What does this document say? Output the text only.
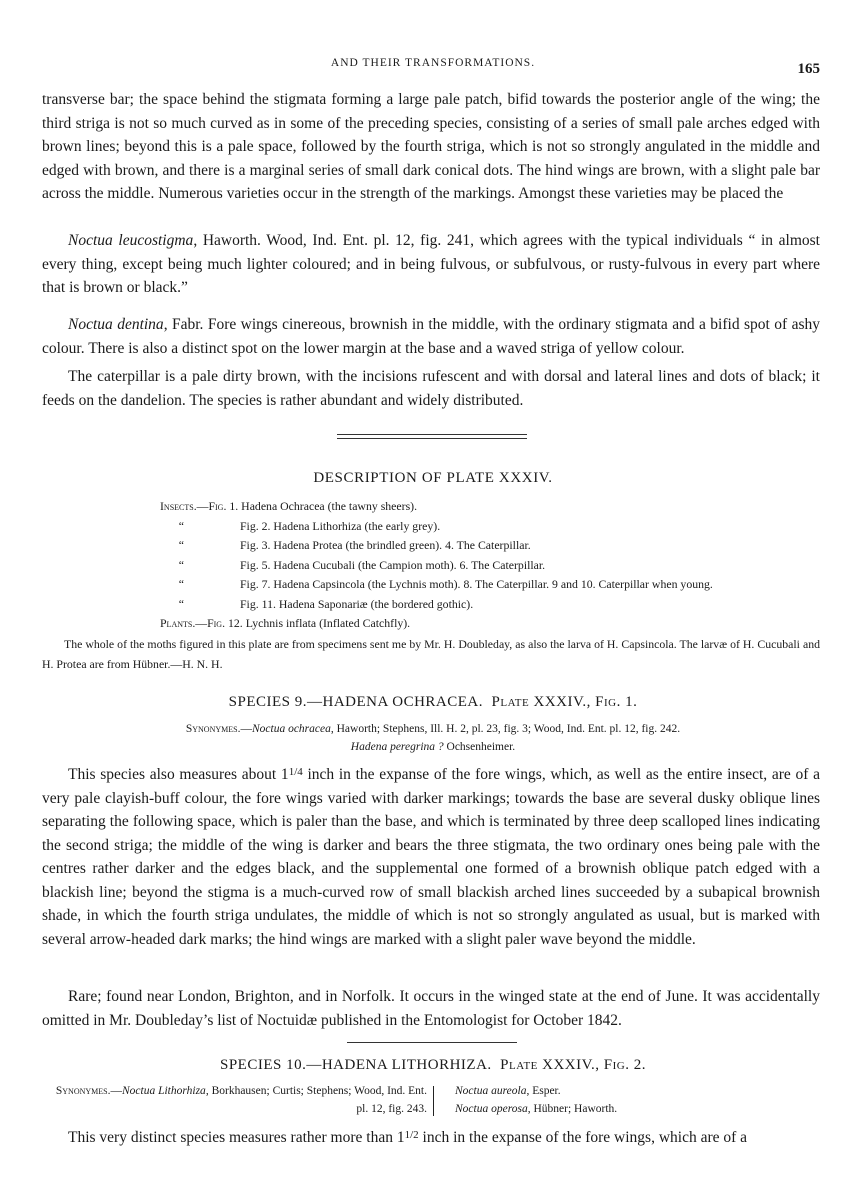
AND THEIR TRANSFORMATIONS.	165

transverse bar; the space behind the stigmata forming a large pale patch, bifid towards the posterior angle of the wing; the third striga is not so much curved as in some of the preceding species, consisting of a series of small pale arches edged with brown lines; beyond this is a pale space, followed by the fourth striga, which is not so strongly angulated in the middle and edged with brown, and there is a marginal series of small dark conical dots. The hind wings are brown, with a slight pale bar across the middle. Numerous varieties occur in the strength of the markings. Amongst these varieties may be placed the

Noctua leucostigma, Haworth. Wood, Ind. Ent. pl. 12, fig. 241, which agrees with the typical individuals “ in almost every thing, except being much lighter coloured; and in being fulvous, or subfulvous, or rusty-fulvous in every part where that is brown or black.”

Noctua dentina, Fabr. Fore wings cinereous, brownish in the middle, with the ordinary stigmata and a bifid spot of ashy colour. There is also a distinct spot on the lower margin at the base and a waved striga of yellow colour.

The caterpillar is a pale dirty brown, with the incisions rufescent and with dorsal and lateral lines and dots of black; it feeds on the dandelion. The species is rather abundant and widely distributed.

DESCRIPTION OF PLATE XXXIV.
Insects.—Fig. 1. Hadena Ochracea (the tawny sheers).
“	Fig. 2. Hadena Lithorhiza (the early grey).
“	Fig. 3. Hadena Protea (the brindled green). 4. The Caterpillar.
“	Fig. 5. Hadena Cucubali (the Campion moth). 6. The Caterpillar.
“	Fig. 7. Hadena Capsincola (the Lychnis moth). 8. The Caterpillar. 9 and 10. Caterpillar when young.
“	Fig. 11. Hadena Saponariæ (the bordered gothic).
Plants.—Fig. 12. Lychnis inflata (Inflated Catchfly).

The whole of the moths figured in this plate are from specimens sent me by Mr. H. Doubleday, as also the larva of H. Capsincola. The larvæ of H. Cucubali and H. Protea are from Hübner.—H. N. H.

SPECIES 9.—HADENA OCHRACEA. Plate XXXIV., Fig. 1.
Synonymes.—Noctua ochracea, Haworth; Stephens, Ill. H. 2, pl. 23, fig. 3; Wood, Ind. Ent. pl. 12, fig. 242.
Hadena peregrina ? Ochsenheimer.

This species also measures about $1^{1/4}$ inch in the expanse of the fore wings, which, as well as the entire insect, are of a very pale clayish-buff colour, the fore wings varied with darker markings; towards the base are several dusky oblique lines separating the following space, which is paler than the base, and which is terminated by three deep scalloped lines indicating the second striga; the middle of the wing is darker and bears the three stigmata, the two ordinary ones being pale with the centres rather darker and the edges black, and the supplemental one formed of a brownish oblique patch edged with a blackish line; beyond the stigma is a much-curved row of small blackish arched lines succeeded by a subapical brownish shade, in which the fourth striga undulates, the middle of which is not so strongly angulated as usual, but is marked with several arrow-headed dark marks; the hind wings are marked with a slight paler wave beyond the middle.

Rare; found near London, Brighton, and in Norfolk. It occurs in the winged state at the end of June. It was accidentally omitted in Mr. Doubleday’s list of Noctuidæ published in the Entomologist for October 1842.

SPECIES 10.—HADENA LITHORHIZA. Plate XXXIV., Fig. 2.
Synonymes.—Noctua Lithorhiza, Borkhausen; Curtis; Stephens; Wood, Ind. Ent. pl. 12, fig. 243.
Noctua aureola, Esper.
Noctua operosa, Hübner; Haworth.

This very distinct species measures rather more than $1^{1/2}$ inch in the expanse of the fore wings, which are of a
